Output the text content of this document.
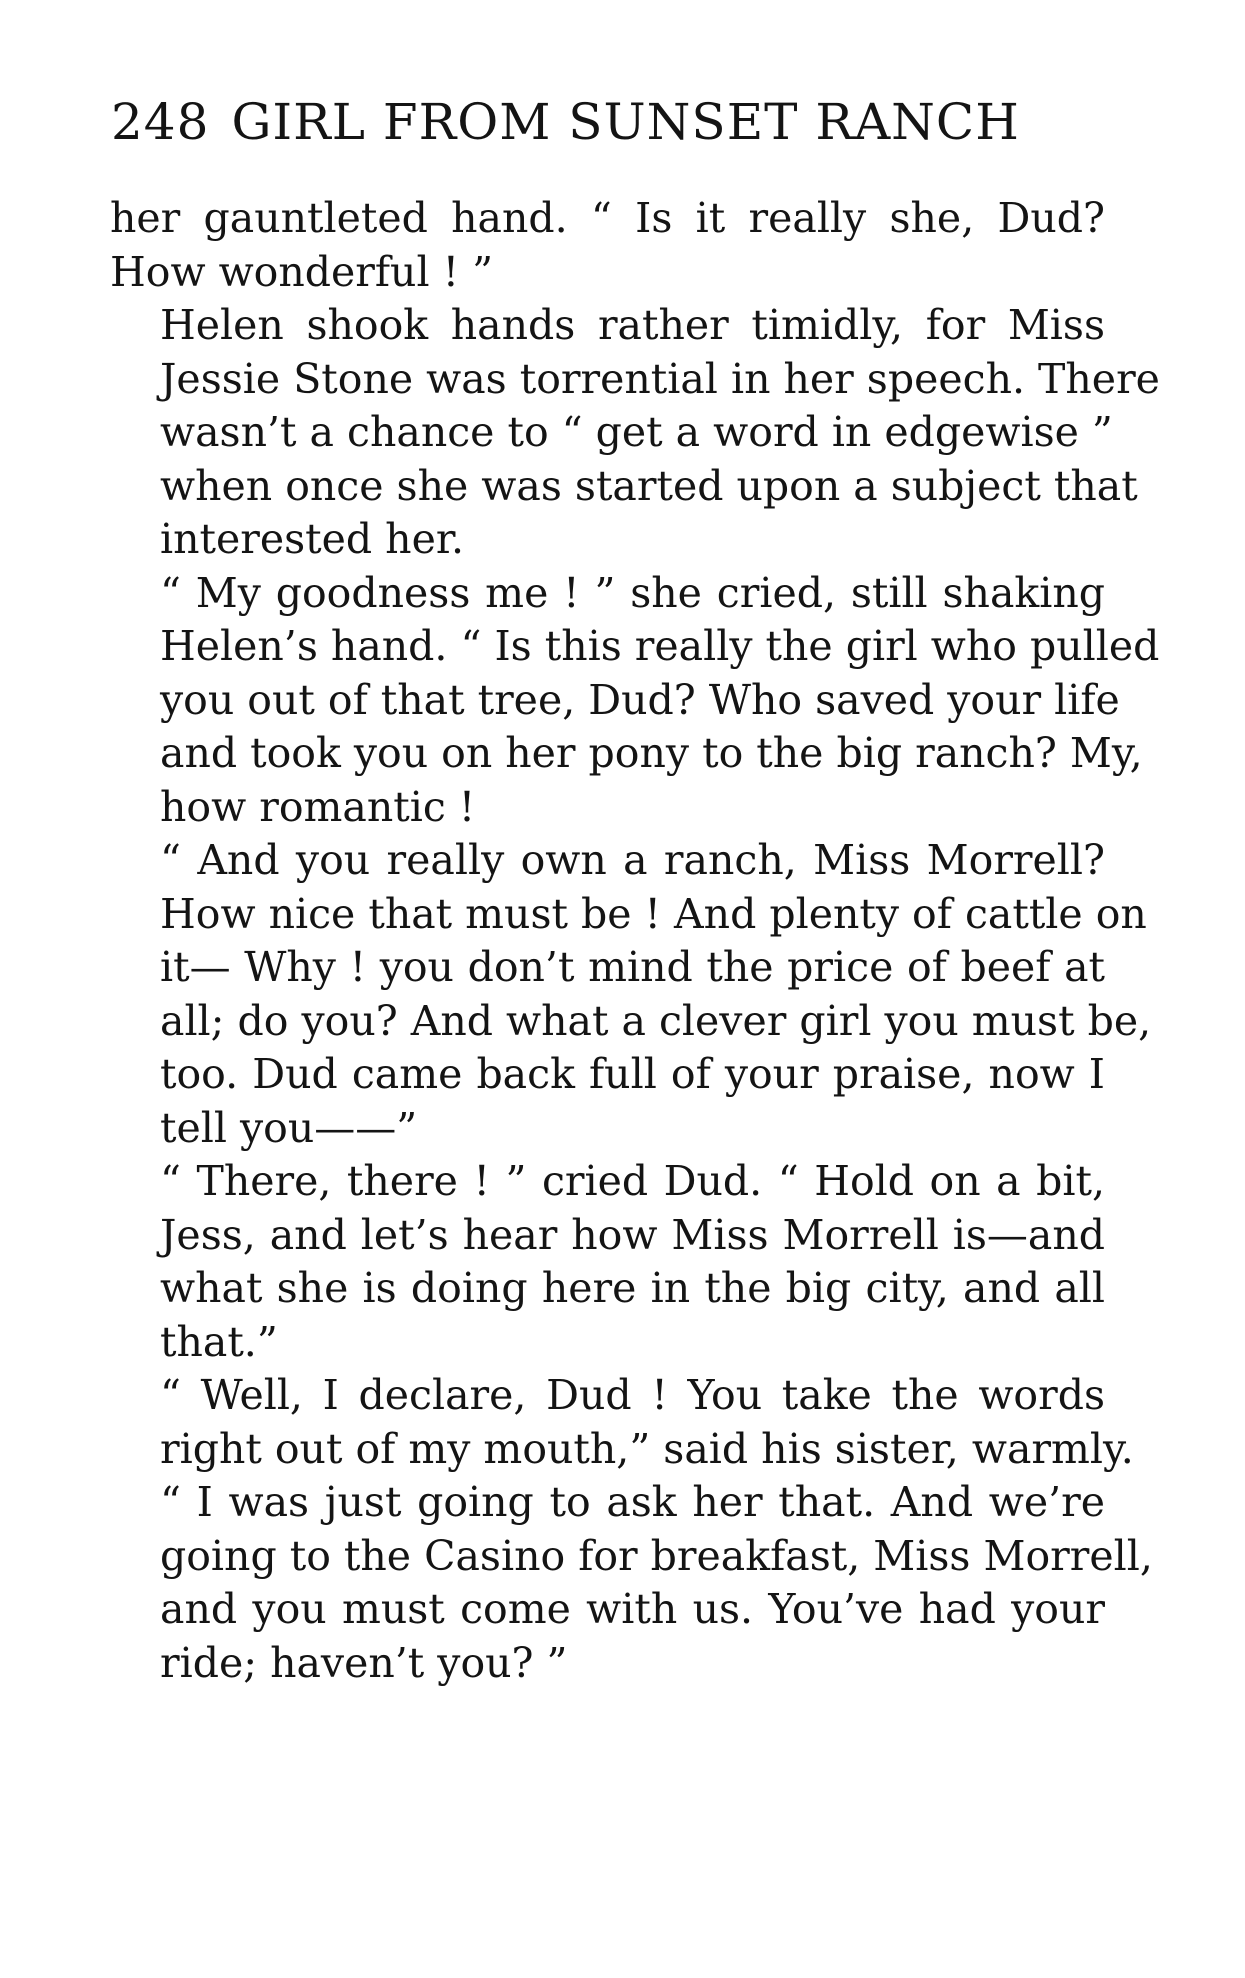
248 GIRL FROM SUNSET RANCH

her gauntleted hand. “ Is it really she, Dud?
How wonderful ! ”

Helen shook hands rather timidly, for Miss
Jessie Stone was torrential in her speech. There
wasn’t a chance to “ get a word in edgewise ”
when once she was started upon a subject that
interested her.

“ My goodness me ! ” she cried, still shaking
Helen’s hand. “ Is this really the girl who pulled
you out of that tree, Dud? Who saved your life
and took you on her pony to the big ranch? My,
how romantic !

“ And you really own a ranch, Miss Morrell?
How nice that must be ! And plenty of cattle on
it— Why ! you don’t mind the price of beef at
all; do you? And what a clever girl you must be,
too. Dud came back full of your praise, now I
tell you——”

“ There, there ! ” cried Dud. “ Hold on a bit,
Jess, and let’s hear how Miss Morrell is—and
what she is doing here in the big city, and all
that.”

“ Well, I declare, Dud ! You take the words
right out of my mouth,” said his sister, warmly.
“ I was just going to ask her that. And we’re
going to the Casino for breakfast, Miss Morrell,
and you must come with us. You’ve had your
ride; haven’t you? ”
